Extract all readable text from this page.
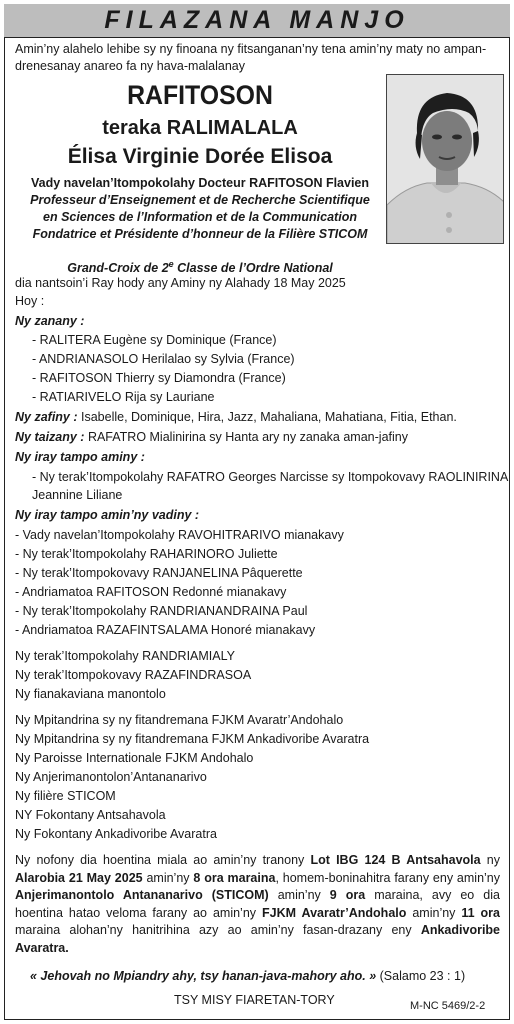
FILAZANA MANJO
Amin’ny alahelo lehibe sy ny finoana ny fitsanganan’ny tena amin’ny maty no ampan-drenesanay anareo fa ny hava-malalanay
RAFITOSON
teraka RALIMALALA
Élisa Virginie Dorée Elisoa
Vady navelan’Itompokolahy Docteur RAFITOSON Flavien
Professeur d’Enseignement et de Recherche Scientifique
en Sciences de l’Information et de la Communication
Fondatrice et Présidente d’honneur de la Filière STICOM
Grand-Croix de 2e Classe de l’Ordre National
dia nantsoin’i Ray hody any Aminy ny Alahady 18 May 2025
Hoy :
Ny zanany :
- RALITERA Eugène sy Dominique (France)
- ANDRIANASOLO Herilalao sy Sylvia (France)
- RAFITOSON Thierry sy Diamondra (France)
- RATIARIVELO Rija sy Lauriane
Ny zafiny : Isabelle, Dominique, Hira, Jazz, Mahaliana, Mahatiana, Fitia, Ethan.
Ny taizany : RAFATRO Mialinirina sy Hanta ary ny zanaka aman-jafiny
Ny iray tampo aminy :
- Ny terak’Itompokolahy RAFATRO Georges Narcisse sy Itompokovavy RAOLINIRINA
Jeannine Liliane
Ny iray tampo amin’ny vadiny :
- Vady navelan’Itompokolahy RAVOHITRARIVO mianakavy
- Ny terak’Itompokolahy RAHARINORO Juliette
- Ny terak’Itompokovavy RANJANELINA Pâquerette
- Andriamatoa RAFITOSON Redonné mianakavy
- Ny terak’Itompokolahy RANDRIANANDRAINA Paul
- Andriamatoa RAZAFINTSALAMA Honoré mianakavy
Ny terak’Itompokolahy RANDRIAMIALY
Ny terak’Itompokovavy RAZAFINDRASOA
Ny fianakaviana manontolo
Ny Mpitandrina sy ny fitandremana FJKM Avaratr’Andohalo
Ny Mpitandrina sy ny fitandremana FJKM Ankadivoribe Avaratra
Ny Paroisse Internationale FJKM Andohalo
Ny Anjerimanontolon’Antananarivo
Ny filière STICOM
NY Fokontany Antsahavola
Ny Fokontany Ankadivoribe Avaratra
Ny nofony dia hoentina miala ao amin’ny tranony Lot IBG 124 B Antsahavola ny Alarobia 21 May 2025 amin’ny 8 ora maraina, homem-boninahitra farany eny amin’ny Anjerimanontolo Antananarivo (STICOM) amin’ny 9 ora maraina, avy eo dia hoentina hatao veloma farany ao amin’ny FJKM Avaratr’Andohalo amin’ny 11 ora maraina alohan’ny hanitrihina azy ao amin’ny fasan-drazany eny Ankadivoribe Avaratra.
« Jehovah no Mpiandry ahy, tsy hanan-java-mahory aho. » (Salamo 23 : 1)
TSY MISY FIARETAN-TORY	M-NC 5469/2-2
